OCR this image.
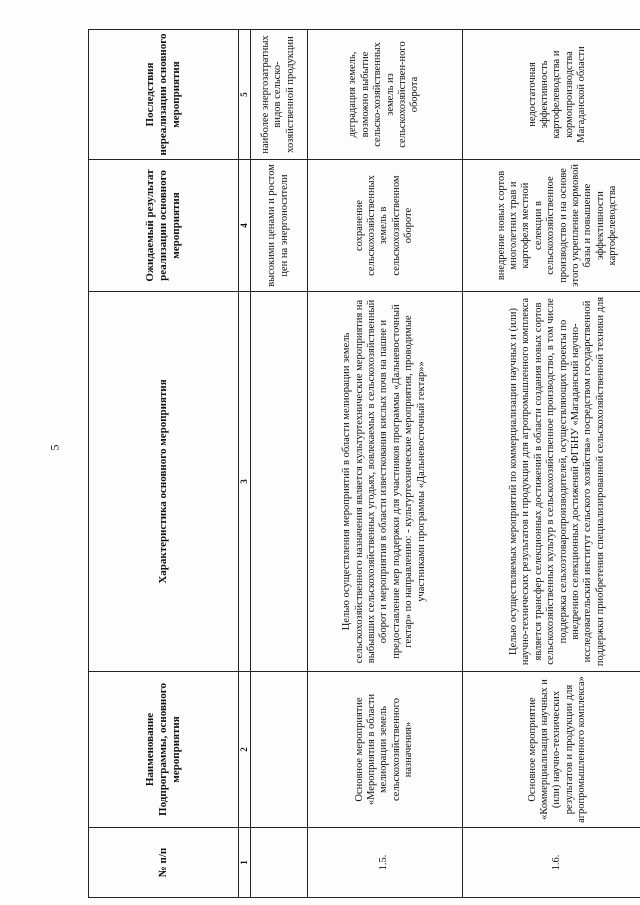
5
№ п/п	Наименование Подпрограммы, основного мероприятия	Характеристика основного мероприятия	Ожидаемый результат реализации основного мероприятия	Последствия нереализации основного мероприятия
1	2	3	4	5
			высокими ценами и ростом цен на энергоносители	наиболее энергозатратных видов сельско-хозяйственной продукции
1.5.	Основное мероприятие «Мероприятия в области мелиорации земель сельскохозяйственного назначения»	Целью осуществления мероприятий в области мелиорации земель сельскохозяйственного назначения является культуртехнические мероприятия на выбывших сельскохозяйственных угодьях, вовлекаемых в сельскохозяйственный оборот и мероприятия в области известкования кислых почв на пашне и предоставление мер поддержки для участников программы «Дальневосточный гектар» по направлению: - культуртехнические мероприятия, проводимые участниками программы «Дальневосточный гектар»»	сохранение сельскохозяйственных земель в сельскохозяйственном обороте	деградация земель, возможно выбытие сельско-хозяйственных земель из сельскохозяйствен-ного оборота
1.6.	Основное мероприятие «Коммерциализация научных и (или) научно-технических результатов и продукции для агропромышленного комплекса»	Целью осуществляемых мероприятий по коммерциализации научных и (или) научно-технических результатов и продукции для агропромышленного комплекса является трансфер селекционных достижений в области создания новых сортов сельскохозяйственных культур в сельскохозяйственное производство, в том числе поддержка сельхозтоваропроизводителей, осуществляющих проекты по внедрению селекционных достижений ФГБНУ «Магаданский научно-исследовательский институт сельского хозяйства» посредством государственной поддержки приобретения специализированной сельскохозяйственной техники для	внедрение новых сортов многолетних трав и картофеля местной селекции в сельскохозяйственное производство и на основе этого укрепление кормовой базы и повышение эффективности картофелеводства	недостаточная эффективность картофелеводства и кормопроизводства Магаданской области
